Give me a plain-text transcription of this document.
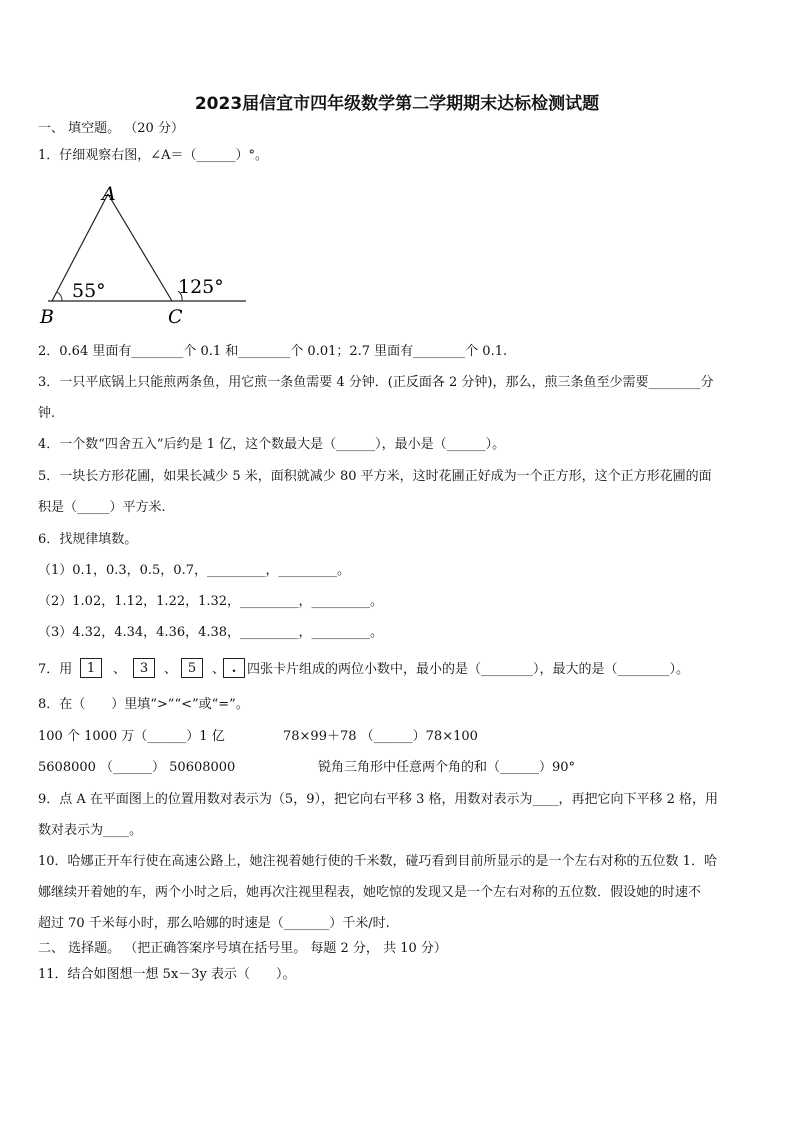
2023届信宜市四年级数学第二学期期末达标检测试题
一、 填空题。 （20 分）
1．仔细观察右图，∠A＝（______）°。
A
B	C
55°	125°
2．0.64 里面有________个 0.1 和________个 0.01；2.7 里面有________个 0.1.
3．一只平底锅上只能煎两条鱼，用它煎一条鱼需要 4 分钟．(正反面各 2 分钟)，那么，煎三条鱼至少需要________分
钟.
4．一个数“四舍五入”后约是 1 亿，这个数最大是（______），最小是（______）。
5．一块长方形花圃，如果长减少 5 米，面积就减少 80 平方米，这时花圃正好成为一个正方形，这个正方形花圃的面
积是（_____）平方米.
6．找规律填数。
（1）0.1，0.3，0.5，0.7，_________，_________。
（2）1.02，1.12，1.22，1.32，_________，_________。
（3）4.32，4.34，4.36，4.38，_________，_________。
7．用	1	、	3	、 5	、 . 四张卡片组成的两位小数中，最小的是（________），最大的是（________）。
8．在（　　）里填“>”“<”或“=”。
100 个 1000 万（______）1 亿	78×99＋78 （______）78×100
5608000 （______） 50608000	锐角三角形中任意两个角的和（______）90°
9．点 A 在平面图上的位置用数对表示为（5，9），把它向右平移 3 格，用数对表示为____，再把它向下平移 2 格，用
数对表示为____。
10．哈娜正开车行使在高速公路上，她注视着她行使的千米数，碰巧看到目前所显示的是一个左右对称的五位数 1．哈
娜继续开着她的车，两个小时之后，她再次注视里程表，她吃惊的发现又是一个左右对称的五位数．假设她的时速不
超过 70 千米每小时，那么哈娜的时速是（_______）千米/时.
二、 选择题。 （把正确答案序号填在括号里。 每题 2 分， 共 10 分）
11．结合如图想一想 5x－3y 表示（　　）。
